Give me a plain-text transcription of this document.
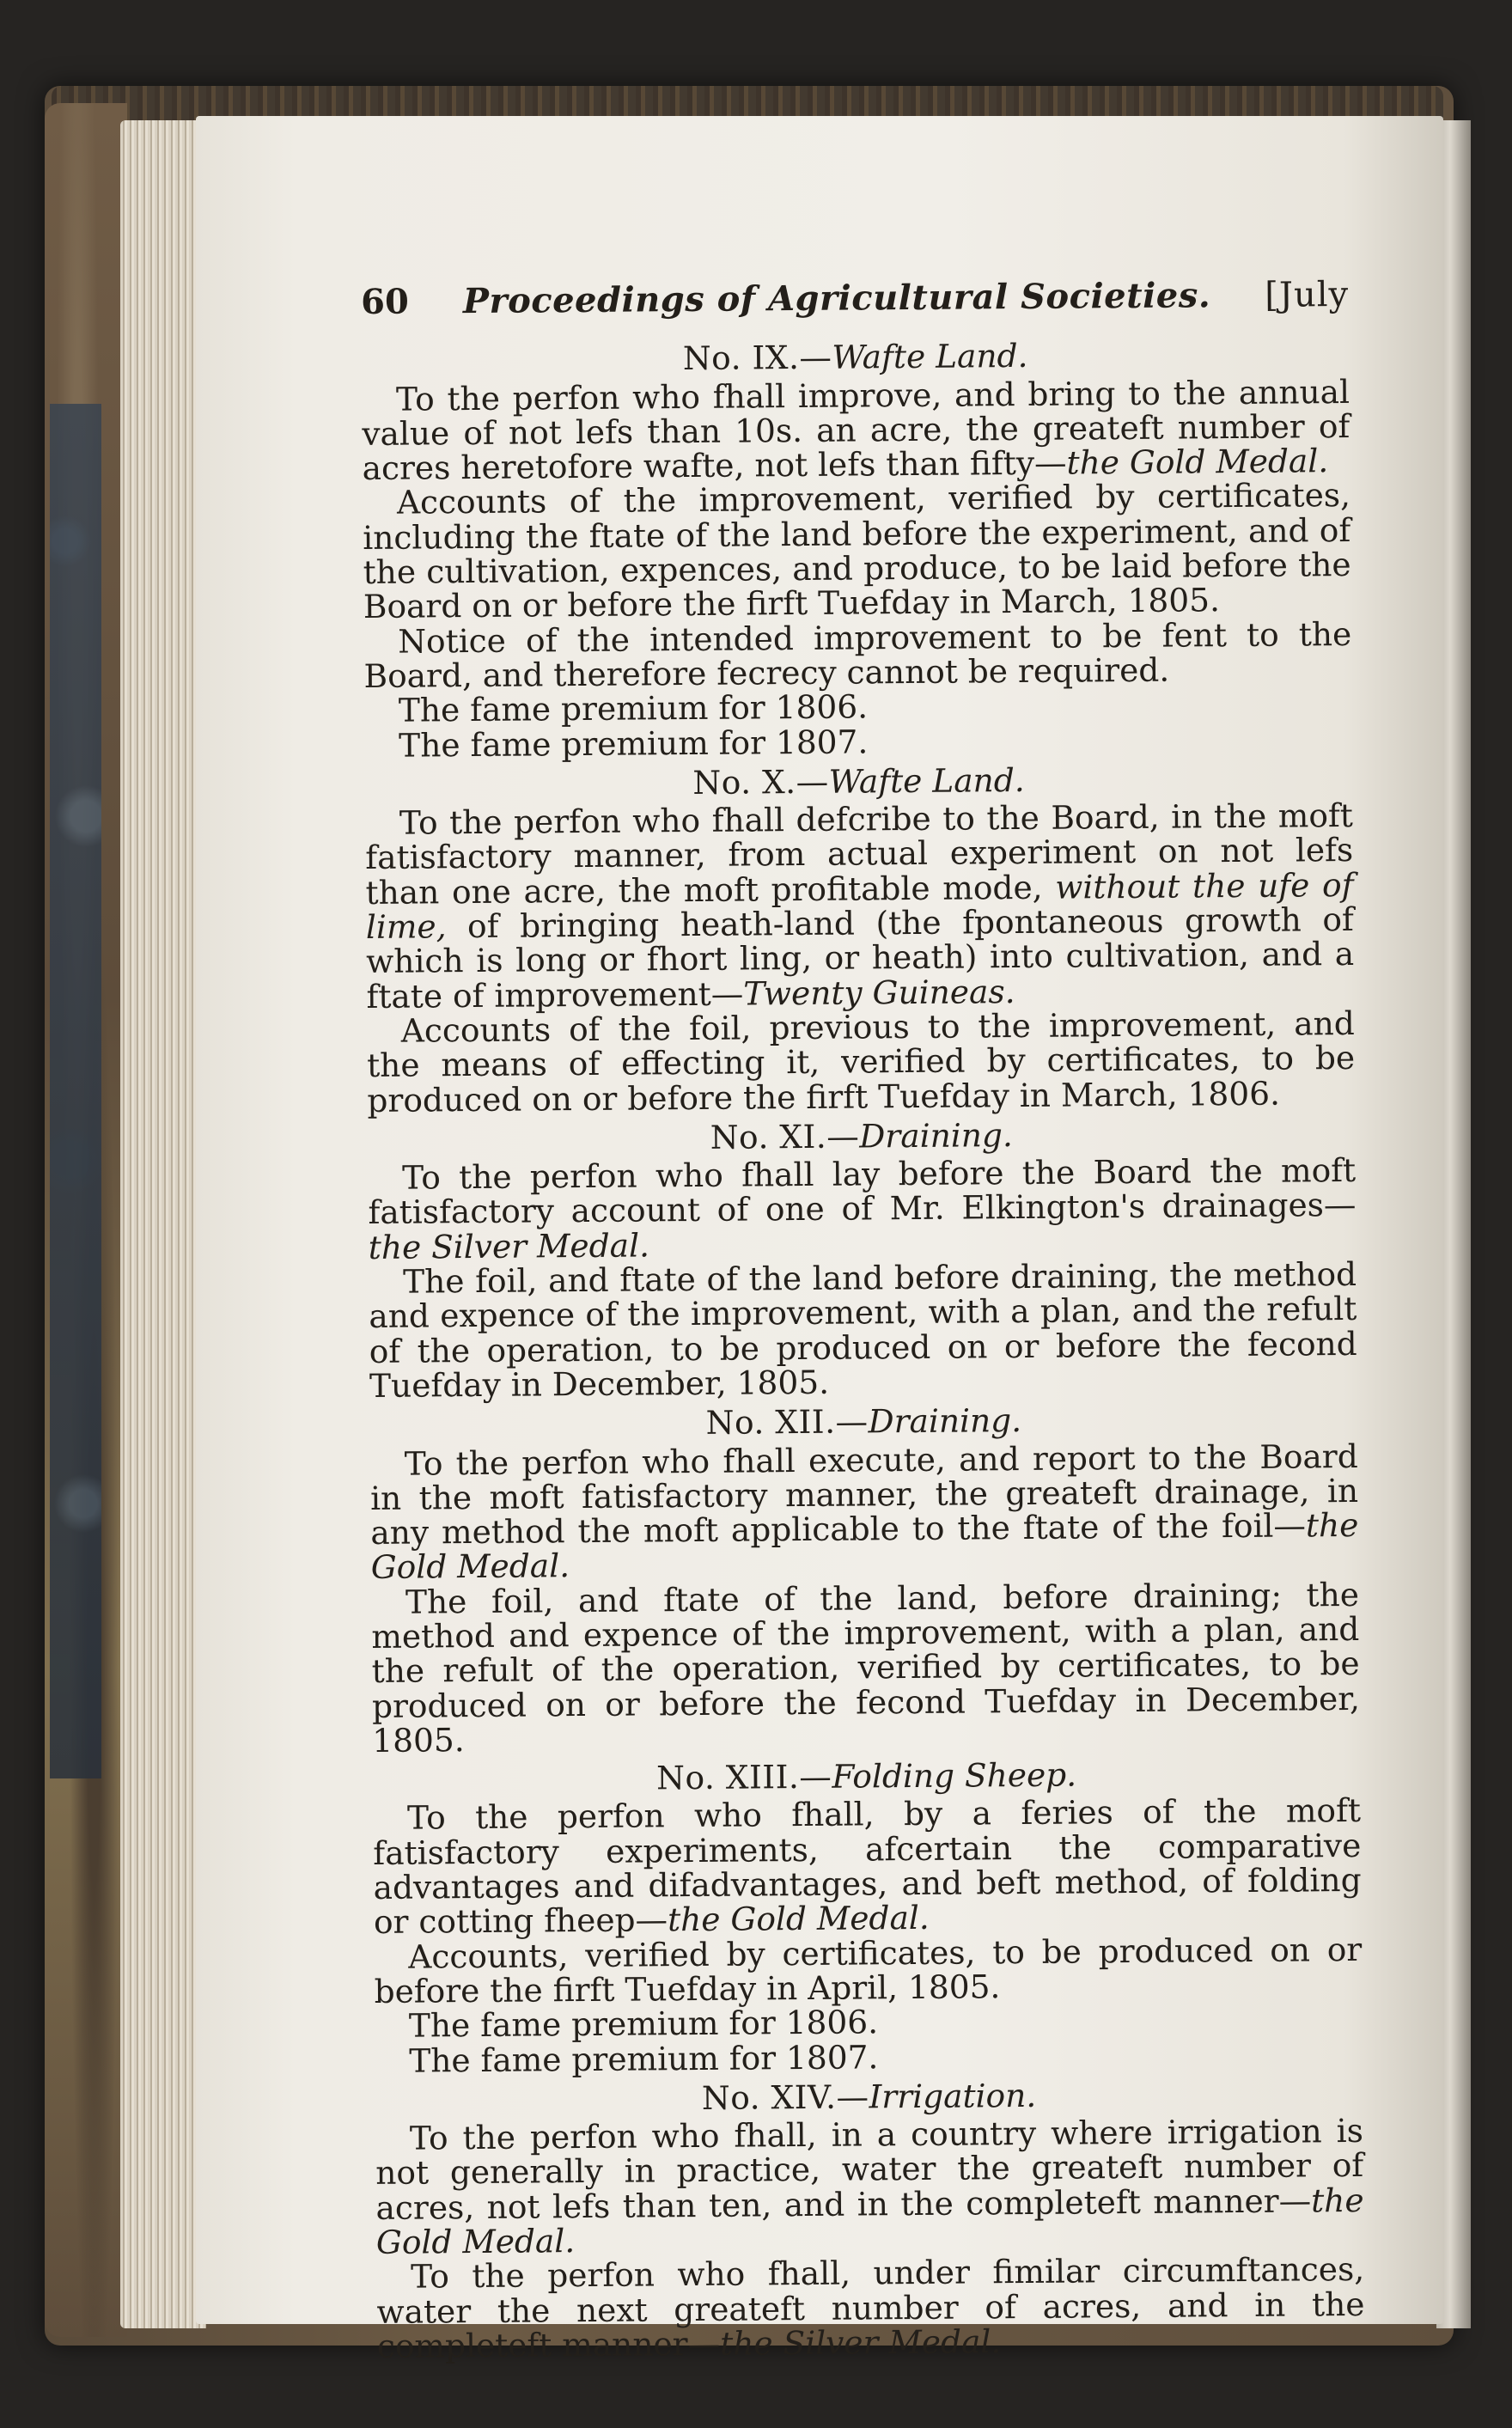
60 Proceedings of Agricultural Societies. [July
No. IX.—Wafte Land.

To the perfon who fhall improve, and bring to the annual value of not lefs than 10s. an acre, the greateft number of acres heretofore wafte, not lefs than fifty—the Gold Medal.

Accounts of the improvement, verified by certificates, including the ftate of the land before the experiment, and of the cultivation, expences, and produce, to be laid before the Board on or before the firft Tuefday in March, 1805.

Notice of the intended improvement to be fent to the Board, and therefore fecrecy cannot be required.

The fame premium for 1806.

The fame premium for 1807.

No. X.—Wafte Land.

To the perfon who fhall defcribe to the Board, in the moft fatisfactory manner, from actual experiment on not lefs than one acre, the moft profitable mode, without the ufe of lime, of bringing heath-land (the fpontaneous growth of which is long or fhort ling, or heath) into cultivation, and a ftate of improvement—Twenty Guineas.

Accounts of the foil, previous to the improvement, and the means of effecting it, verified by certificates, to be produced on or before the firft Tuefday in March, 1806.

No. XI.—Draining.

To the perfon who fhall lay before the Board the moft fatisfactory account of one of Mr. Elkington's drainages—the Silver Medal.

The foil, and ftate of the land before draining, the method and expence of the improvement, with a plan, and the refult of the operation, to be produced on or before the fecond Tuefday in December, 1805.

No. XII.—Draining.

To the perfon who fhall execute, and report to the Board in the moft fatisfactory manner, the greateft drainage, in any method the moft applicable to the ftate of the foil—the Gold Medal.

The foil, and ftate of the land, before draining; the method and expence of the improvement, with a plan, and the refult of the operation, verified by certificates, to be produced on or before the fecond Tuefday in December, 1805.

No. XIII.—Folding Sheep.

To the perfon who fhall, by a feries of the moft fatisfactory experiments, afcertain the comparative advantages and difadvantages, and beft method, of folding or cotting fheep—the Gold Medal.

Accounts, verified by certificates, to be produced on or before the firft Tuefday in April, 1805.

The fame premium for 1806.

The fame premium for 1807.

No. XIV.—Irrigation.

To the perfon who fhall, in a country where irrigation is not generally in practice, water the greateft number of acres, not lefs than ten, and in the completeft manner—the Gold Medal.

To the perfon who fhall, under fimilar circumftances, water the next greateft number of acres, and in the completeft manner—the Silver Medal.
